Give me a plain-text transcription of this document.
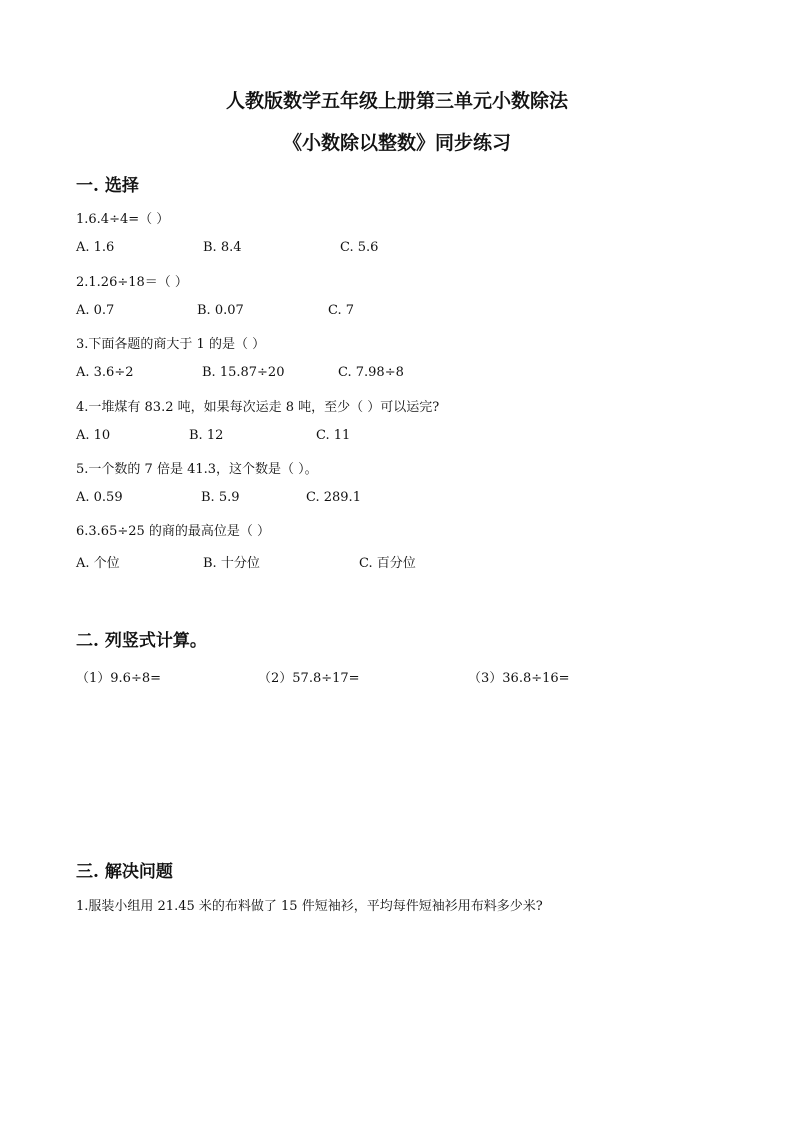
人教版数学五年级上册第三单元小数除法
《小数除以整数》同步练习
一. 选择
1.6.4÷4=（ ）
A. 1.6	B. 8.4	C. 5.6
2.1.26÷18＝（ ）
A. 0.7	B. 0.07	C. 7
3.下面各题的商大于 1 的是（ ）
A. 3.6÷2	B. 15.87÷20	C. 7.98÷8
4.一堆煤有 83.2 吨，如果每次运走 8 吨，至少（ ）可以运完?
A. 10	B. 12	C. 11
5.一个数的 7 倍是 41.3，这个数是（ ）。
A. 0.59	B. 5.9	C. 289.1
6.3.65÷25 的商的最高位是（ ）
A. 个位	B. 十分位	C. 百分位
二. 列竖式计算。
（1）9.6÷8=	（2）57.8÷17=	（3）36.8÷16=
三. 解决问题
1.服装小组用 21.45 米的布料做了 15 件短袖衫，平均每件短袖衫用布料多少米?
